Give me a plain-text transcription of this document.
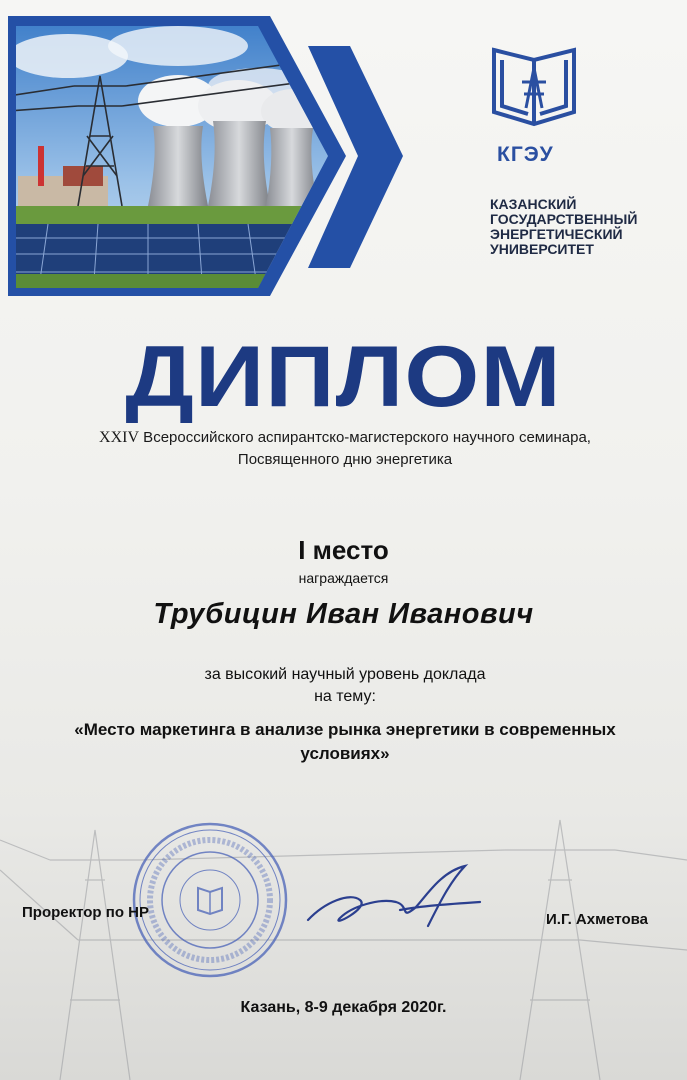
КГЭУ
КАЗАНСКИЙ
ГОСУДАРСТВЕННЫЙ
ЭНЕРГЕТИЧЕСКИЙ
УНИВЕРСИТЕТ
ДИПЛОМ
XXIV Всероссийского аспирантско-магистерского научного семинара,
Посвященного дню энергетика
I место
награждается
Трубицин Иван Иванович
за высокий научный уровень доклада
на тему:
«Место маркетинга в анализе рынка энергетики в современных
условиях»
Проректор по НР	И.Г. Ахметова
Казань, 8-9 декабря 2020г.
